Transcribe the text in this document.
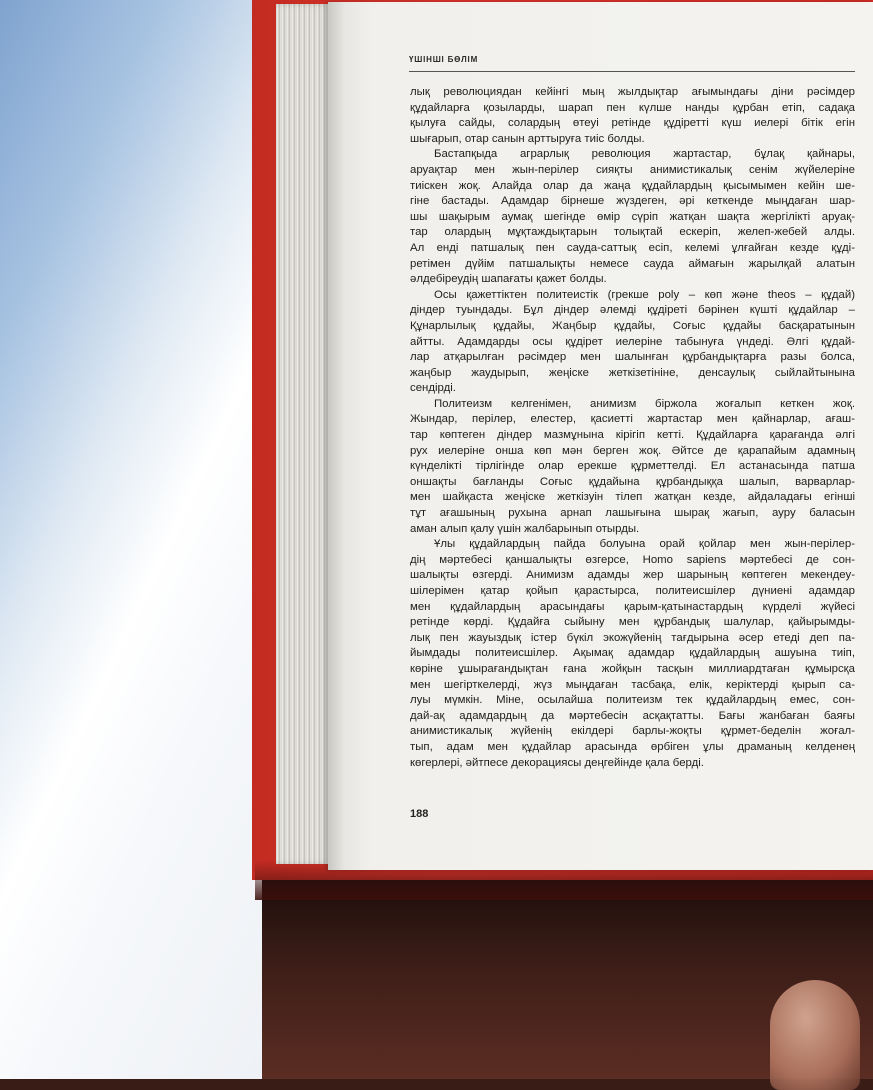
ҮШІНШІ БӨЛІМ
лық революциядан кейінгі мың жылдықтар ағымындағы діни рәсімдер
құдайларға қозыларды, шарап пен күлше нанды құрбан етіп, садақа
қылуға сайды, солардың өтеуі ретінде құдіретті күш иелері бітік егін
шығарып, отар санын арттыруға тиіс болды.
Бастапқыда аграрлық революция жартастар, бұлақ қайнары,
аруақтар мен жын-перілер сияқты анимистикалық сенім жүйелеріне
тиіскен жоқ. Алайда олар да жаңа құдайлардың қысымымен кейін ше-
гіне бастады. Адамдар бірнеше жүздеген, әрі кеткенде мыңдаған шар-
шы шақырым аумақ шегінде өмір сүріп жатқан шақта жергілікті аруақ-
тар олардың мұқтаждықтарын толықтай ескеріп, желеп-жебей алды.
Ал енді патшалық пен сауда-саттық есіп, келемі ұлғайған кезде құді-
ретімен дүйім патшалықты немесе сауда аймағын жарылқай алатын
әлдебіреудің шапағаты қажет болды.
Осы қажеттіктен политеистік (грекше poly – көп және theos – құдай)
діндер туындады. Бұл діндер әлемді құдіреті бәрінен күшті құдайлар –
Құнарлылық құдайы, Жаңбыр құдайы, Соғыс құдайы басқаратынын
айтты. Адамдарды осы құдірет иелеріне табынуға үндеді. Әлгі құдай-
лар атқарылған рәсімдер мен шалынған құрбандықтарға разы болса,
жаңбыр жаудырып, жеңіске жеткізетініне, денсаулық сыйлайтынына
сендірді.
Политеизм келгенімен, анимизм біржола жоғалып кеткен жоқ.
Жындар, перілер, елестер, қасиетті жартастар мен қайнарлар, ағаш-
тар көптеген діндер мазмұнына кірігіп кетті. Құдайларға қарағанда әлгі
рух иелеріне онша көп мән берген жоқ. Әйтсе де қарапайым адамның
күнделікті тірлігінде олар ерекше құрметтелді. Ел астанасында патша
оншақты бағланды Соғыс құдайына құрбандыққа шалып, варварлар-
мен шайқаста жеңіске жеткізуін тілеп жатқан кезде, айдаладағы егінші
тұт ағашының рухына арнап лашығына шырақ жағып, ауру баласын
аман алып қалу үшін жалбарынып отырды.
Ұлы құдайлардың пайда болуына орай қойлар мен жын-перілер-
дің мәртебесі қаншалықты өзгерсе, Homo sapiens мәртебесі де сон-
шалықты өзгерді. Анимизм адамды жер шарының көптеген мекендеу-
шілерімен қатар қойып қарастырса, политеисшілер дүниені адамдар
мен құдайлардың арасындағы қарым-қатынастардың күрделі жүйесі
ретінде көрді. Құдайға сыйыну мен құрбандық шалулар, қайырымды-
лық пен жауыздық істер бүкіл экожүйенің тағдырына әсер етеді деп па-
йымдады политеисшілер. Ақымақ адамдар құдайлардың ашуына тиіп,
көріне ұшырағандықтан ғана жойқын тасқын миллиардтаған құмырсқа
мен шегірткелерді, жүз мыңдаған тасбақа, елік, керіктерді қырып са-
луы мүмкін. Міне, осылайша политеизм тек құдайлардың емес, сон-
дай-ақ адамдардың да мәртебесін асқақтатты. Бағы жанбаған баяғы
анимистикалық жүйенің екілдері барлы-жоқты құрмет-беделін жоғал-
тып, адам мен құдайлар арасында өрбіген ұлы драманың келденең
көгерлері, әйтпесе декорациясы деңгейінде қала берді.
188
